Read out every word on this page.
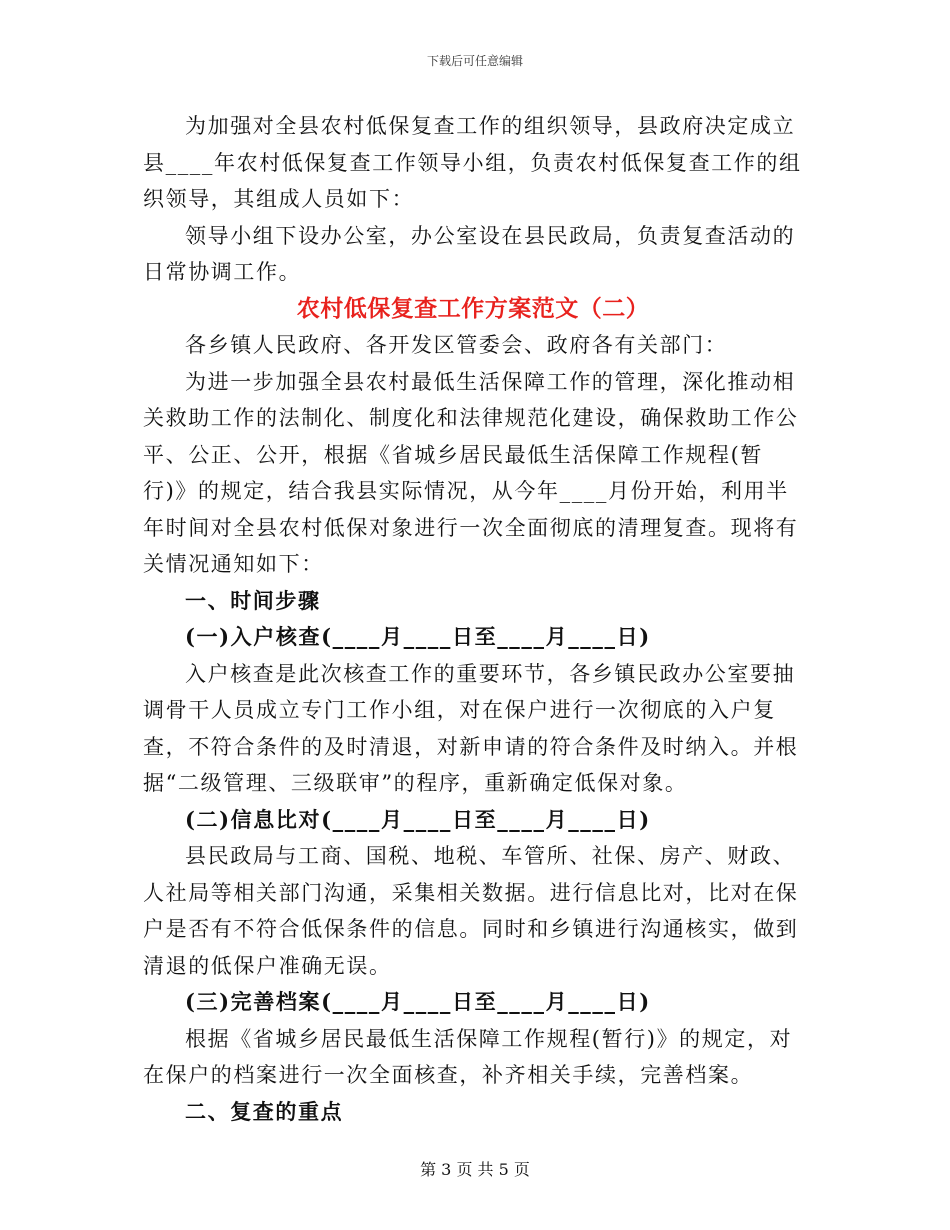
下载后可任意编辑

为加强对全县农村低保复查工作的组织领导，县政府决定成立县____年农村低保复查工作领导小组，负责农村低保复查工作的组织领导，其组成人员如下：

领导小组下设办公室，办公室设在县民政局，负责复查活动的日常协调工作。

农村低保复查工作方案范文（二）

各乡镇人民政府、各开发区管委会、政府各有关部门：

为进一步加强全县农村最低生活保障工作的管理，深化推动相关救助工作的法制化、制度化和法律规范化建设，确保救助工作公平、公正、公开，根据《省城乡居民最低生活保障工作规程(暂行)》的规定，结合我县实际情况，从今年____月份开始，利用半年时间对全县农村低保对象进行一次全面彻底的清理复查。现将有关情况通知如下：

一、时间步骤

(一)入户核查(____月____日至____月____日)

入户核查是此次核查工作的重要环节，各乡镇民政办公室要抽调骨干人员成立专门工作小组，对在保户进行一次彻底的入户复查，不符合条件的及时清退，对新申请的符合条件及时纳入。并根据“二级管理、三级联审”的程序，重新确定低保对象。

(二)信息比对(____月____日至____月____日)

县民政局与工商、国税、地税、车管所、社保、房产、财政、人社局等相关部门沟通，采集相关数据。进行信息比对，比对在保户是否有不符合低保条件的信息。同时和乡镇进行沟通核实，做到清退的低保户准确无误。

(三)完善档案(____月____日至____月____日)

根据《省城乡居民最低生活保障工作规程(暂行)》的规定，对在保户的档案进行一次全面核查，补齐相关手续，完善档案。

二、复查的重点

第 3 页 共 5 页
